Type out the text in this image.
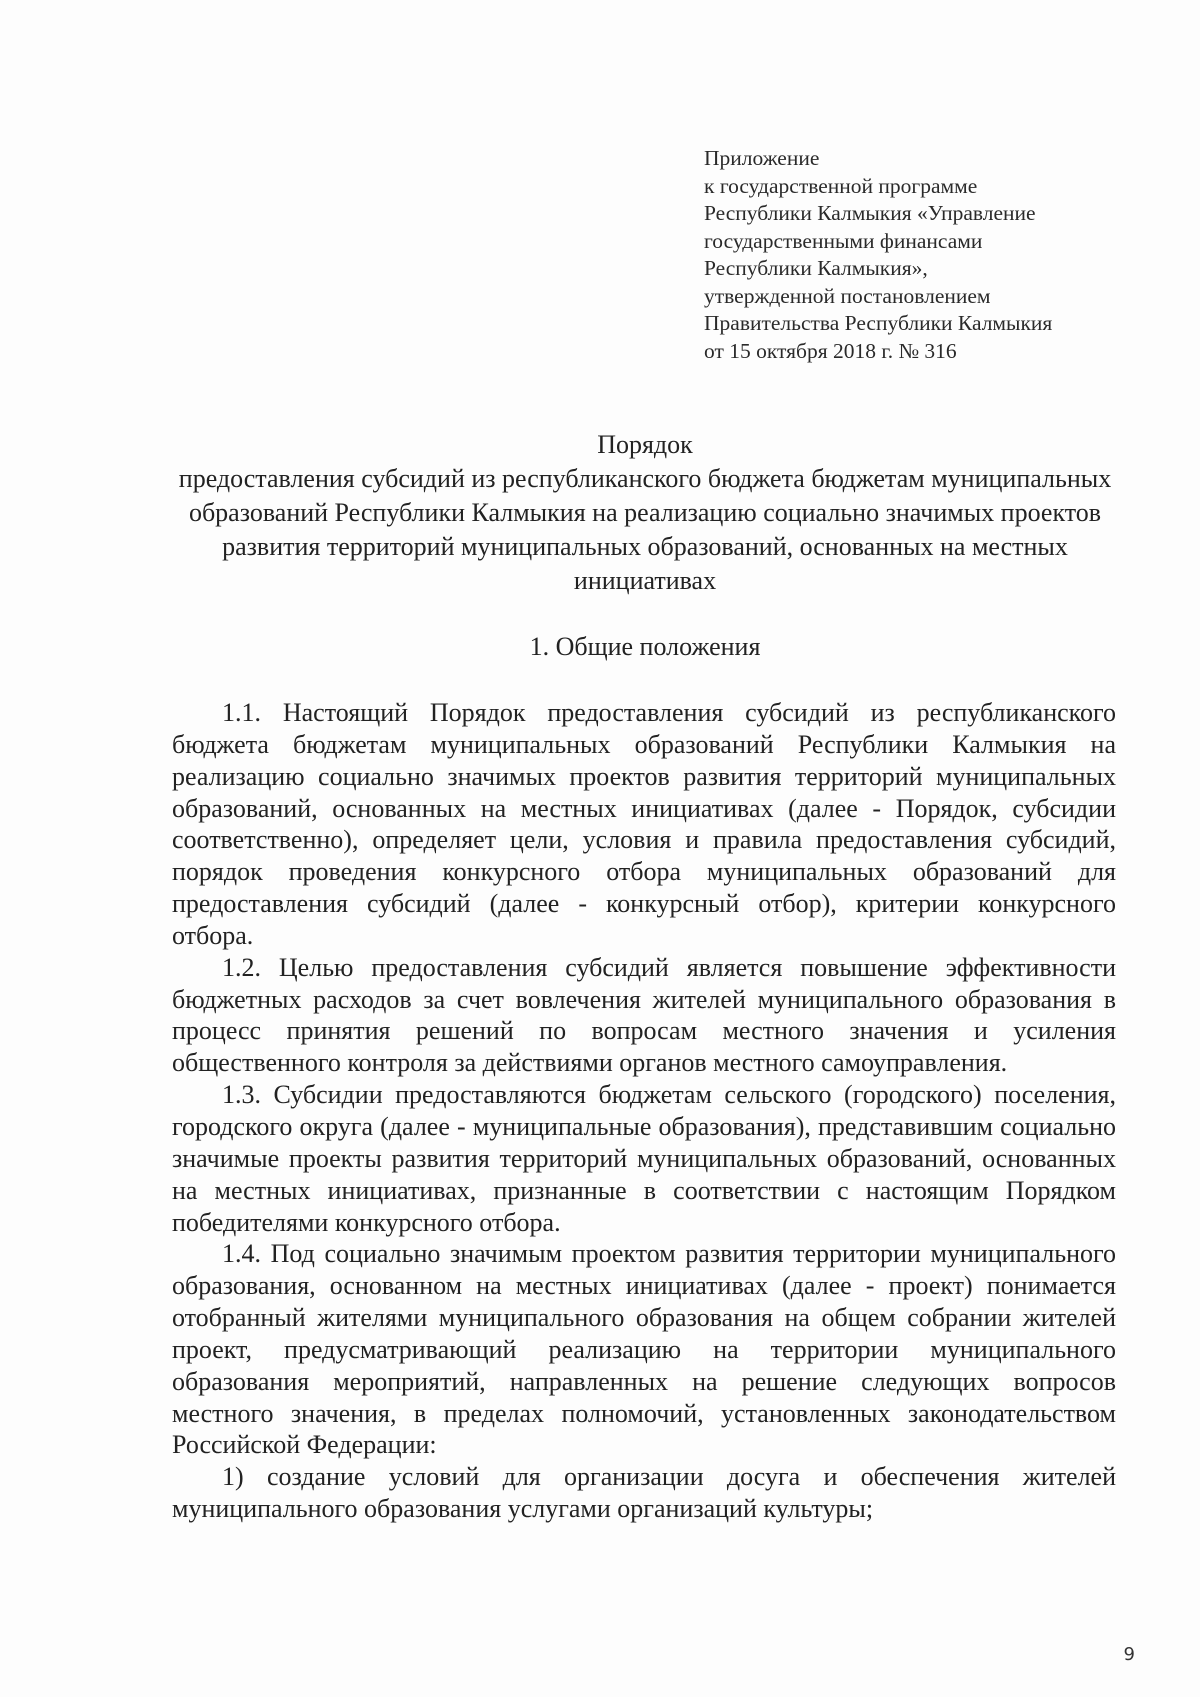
Приложение
к государственной программе
Республики Калмыкия «Управление
государственными финансами
Республики Калмыкия»,
утвержденной постановлением
Правительства Республики Калмыкия
от 15 октября 2018 г. № 316
Порядок
предоставления субсидий из республиканского бюджета бюджетам муниципальных образований Республики Калмыкия на реализацию социально значимых проектов развития территорий муниципальных образований, основанных на местных инициативах
1. Общие положения

1.1. Настоящий Порядок предоставления субсидий из республиканского бюджета бюджетам муниципальных образований Республики Калмыкия на реализацию социально значимых проектов развития территорий муниципальных образований, основанных на местных инициативах (далее - Порядок, субсидии соответственно), определяет цели, условия и правила предоставления субсидий, порядок проведения конкурсного отбора муниципальных образований для предоставления субсидий (далее - конкурсный отбор), критерии конкурсного отбора.

1.2. Целью предоставления субсидий является повышение эффективности бюджетных расходов за счет вовлечения жителей муниципального образования в процесс принятия решений по вопросам местного значения и усиления общественного контроля за действиями органов местного самоуправления.

1.3. Субсидии предоставляются бюджетам сельского (городского) поселения, городского округа (далее - муниципальные образования), представившим социально значимые проекты развития территорий муниципальных образований, основанных на местных инициативах, признанные в соответствии с настоящим Порядком победителями конкурсного отбора.

1.4. Под социально значимым проектом развития территории муниципального образования, основанном на местных инициативах (далее - проект) понимается отобранный жителями муниципального образования на общем собрании жителей проект, предусматривающий реализацию на территории муниципального образования мероприятий, направленных на решение следующих вопросов местного значения, в пределах полномочий, установленных законодательством Российской Федерации:

1) создание условий для организации досуга и обеспечения жителей муниципального образования услугами организаций культуры;

9
